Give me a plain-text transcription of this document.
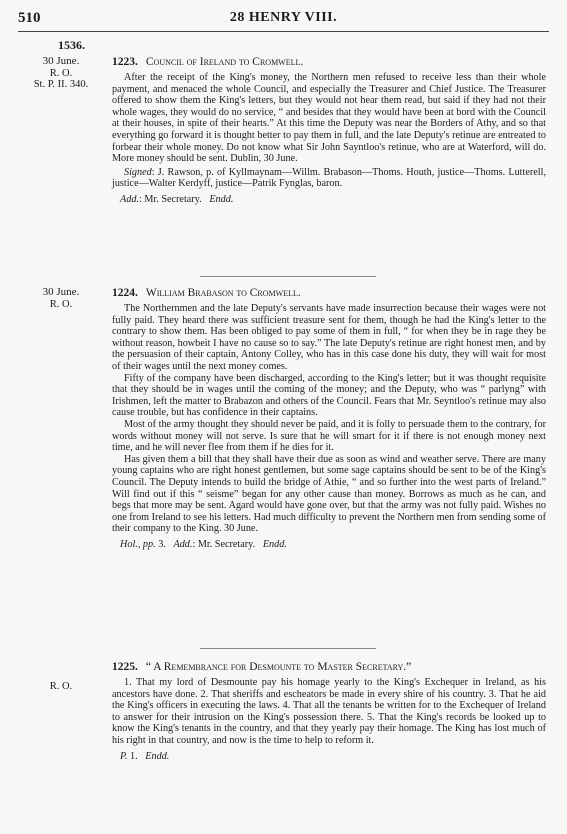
510	28 HENRY VIII.
1536.
30 June.
R. O.
St. P. II. 340.
1223. Council of Ireland to Cromwell.

After the receipt of the King's money, the Northern men refused to receive less than their whole payment, and menaced the whole Council, and especially the Treasurer and Chief Justice. The Treasurer offered to show them the King's letters, but they would not hear them read, but said if they had not their whole wages, they would do no service, “ and besides that they would have been at bord with the Council at their houses, in spite of their hearts.” At this time the Deputy was near the Borders of Athy, and so that everything go forward it is thought better to pay them in full, and the late Deputy's retinue are entreated to forbear their whole money. Do not know what Sir John Sayntloo's retinue, who are at Waterford, will do. More money should be sent. Dublin, 30 June.

Signed: J. Rawson, p. of Kyllmaynam—Willm. Brabason—Thoms. Houth, justice—Thoms. Lutterell, justice—Walter Kerdyff, justice—Patrik Fynglas, baron.

Add.: Mr. Secretary. Endd.

30 June.
R. O.
1224. William Brabason to Cromwell.

The Northernmen and the late Deputy's servants have made insurrection because their wages were not fully paid. They heard there was sufficient treasure sent for them, though he had the King's letter to the contrary to show them. Has been obliged to pay some of them in full, “ for when they be in rage they be without reason, howbeit I have no cause so to say.” The late Deputy's retinue are right honest men, and by the persuasion of their captain, Antony Colley, who has in this case done his duty, they will wait for most of their wages until the next money comes.

Fifty of the company have been discharged, according to the King's letter; but it was thought requisite that they should be in wages until the coming of the money; and the Deputy, who was “ parlyng” with Irishmen, left the matter to Brabazon and others of the Council. Fears that Mr. Seyntloo's retinue may also cause trouble, but has confidence in their captains.

Most of the army thought they should never be paid, and it is folly to persuade them to the contrary, for words without money will not serve. Is sure that he will smart for it if there is not enough money next time, and he will never flee from them if he dies for it.

Has given them a bill that they shall have their due as soon as wind and weather serve. There are many young captains who are right honest gentlemen, but some sage captains should be sent to be of the King's Council. The Deputy intends to build the bridge of Athie, “ and so further into the west parts of Ireland.” Will find out if this “ seisme” began for any other cause than money. Borrows as much as he can, and begs that more may be sent. Agard would have gone over, but that the army was not fully paid. Wishes no one from Ireland to see his letters. Had much difficulty to prevent the Northern men from sending some of their company to the King. 30 June.

Hol., pp. 3. Add.: Mr. Secretary. Endd.

1225. “ A Remembrance for Desmounte to Master Secretary.”

1. That my lord of Desmounte pay his homage yearly to the King's Exchequer in Ireland, as his ancestors have done. 2. That sheriffs and escheators be made in every shire of his country. 3. That he aid the King's officers in executing the laws. 4. That all the tenants be written for to the Exchequer of Ireland to answer for their intrusion on the King's possession there. 5. That the King's records be looked up to know the King's tenants in the country, and that they yearly pay their homage. The King has lost much of his right in that country, and now is the time to help to reform it.

P. 1. Endd.

R. O.
